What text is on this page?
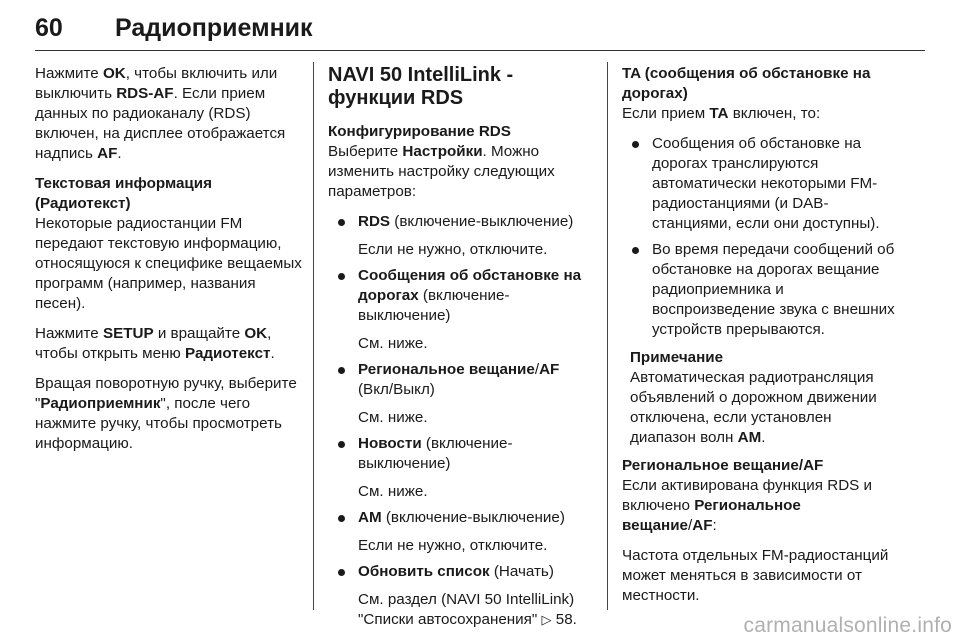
60 Радиоприемник

Нажмите OK, чтобы включить или выключить RDS-AF. Если прием данных по радиоканалу (RDS) включен, на дисплее отображается надпись AF.

Текстовая информация (Радиотекст)

Некоторые радиостанции FM передают текстовую информацию, относящуюся к специфике вещаемых программ (например, названия песен).

Нажмите SETUP и вращайте OK, чтобы открыть меню Радиотекст.

Вращая поворотную ручку, выберите "Радиоприемник", после чего нажмите ручку, чтобы просмотреть информацию.

NAVI 50 IntelliLink - функции RDS

Конфигурирование RDS

Выберите Настройки. Можно изменить настройку следующих параметров:

RDS (включение-выключение)

Если не нужно, отключите.

Сообщения об обстановке на дорогах (включение-выключение)

См. ниже.

Региональное вещание/AF (Вкл/Выкл)

См. ниже.

Новости (включение-выключение)

См. ниже.

AM (включение-выключение)

Если не нужно, отключите.

Обновить список (Начать)

См. раздел (NAVI 50 IntelliLink) "Списки автосохранения" ▷ 58.

TA (сообщения об обстановке на дорогах)

Если прием TA включен, то:

Сообщения об обстановке на дорогах транслируются автоматически некоторыми FM-радиостанциями (и DAB-станциями, если они доступны).
Во время передачи сообщений об обстановке на дорогах вещание радиоприемника и воспроизведение звука с внешних устройств прерываются.

Примечание

Автоматическая радиотрансляция объявлений о дорожном движении отключена, если установлен диапазон волн AM.

Региональное вещание/AF

Если активирована функция RDS и включено Региональное вещание/AF:

Частота отдельных FM-радиостанций может меняться в зависимости от местности.

carmanualsonline.info
